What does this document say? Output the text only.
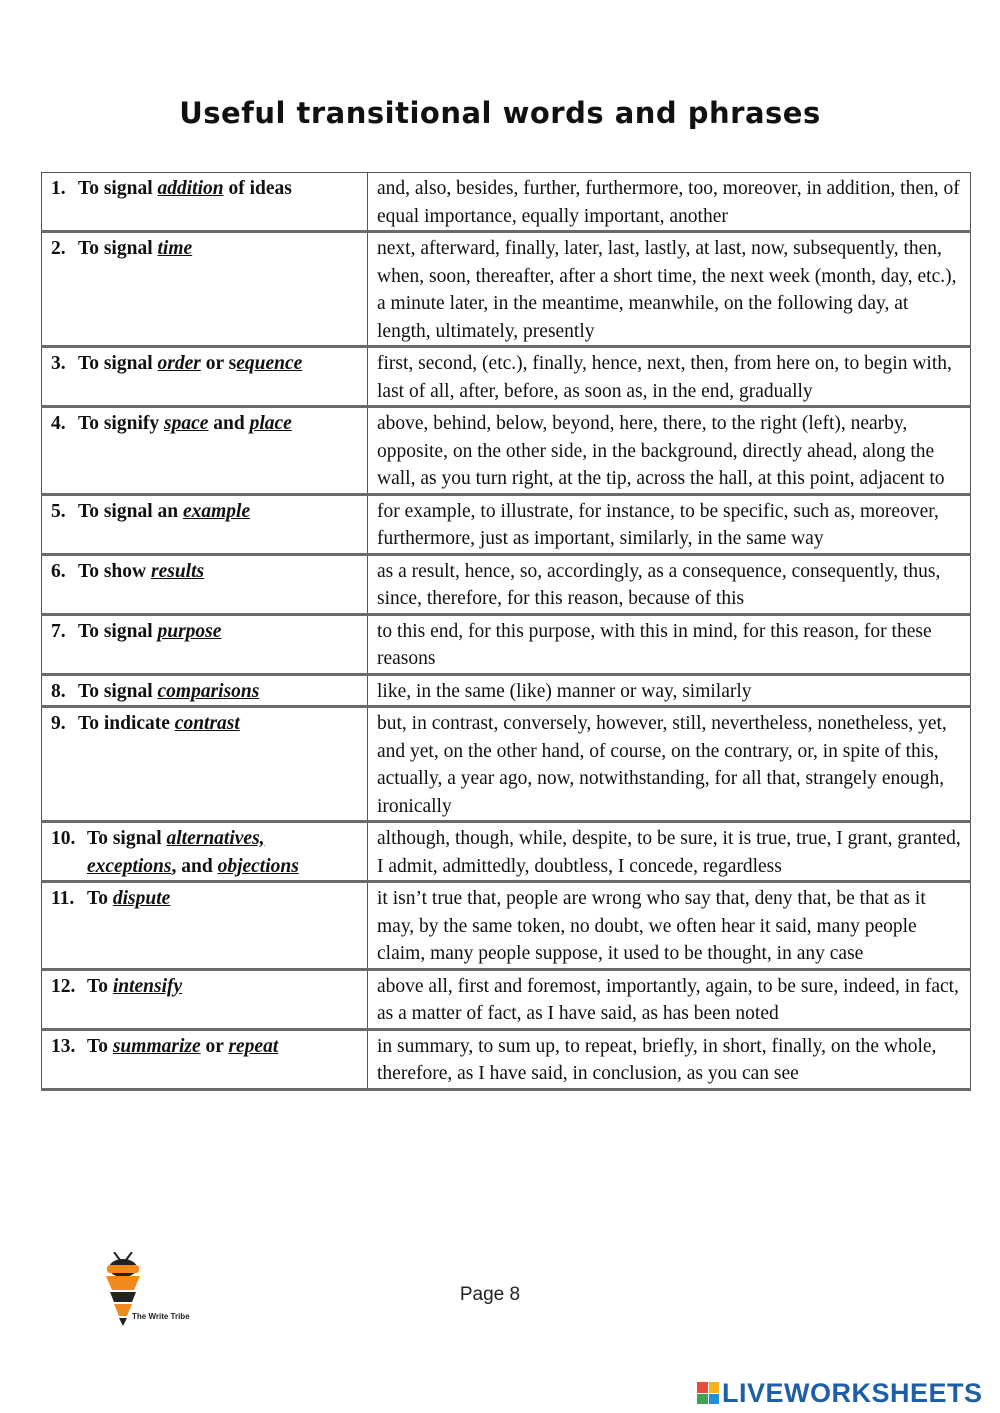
Useful transitional words and phrases
1. To signal addition of ideas	and, also, besides, further, furthermore, too, moreover, in addition, then, of equal importance, equally important, another

2. To signal time	next, afterward, finally, later, last, lastly, at last, now, subsequently, then, when, soon, thereafter, after a short time, the next week (month, day, etc.), a minute later, in the meantime, meanwhile, on the following day, at length, ultimately, presently

3. To signal order or sequence	first, second, (etc.), finally, hence, next, then, from here on, to begin with, last of all, after, before, as soon as, in the end, gradually

4. To signify space and place	above, behind, below, beyond, here, there, to the right (left), nearby, opposite, on the other side, in the background, directly ahead, along the wall, as you turn right, at the tip, across the hall, at this point, adjacent to

5. To signal an example	for example, to illustrate, for instance, to be specific, such as, moreover, furthermore, just as important, similarly, in the same way

6. To show results	as a result, hence, so, accordingly, as a consequence, consequently, thus, since, therefore, for this reason, because of this

7. To signal purpose	to this end, for this purpose, with this in mind, for this reason, for these reasons

8. To signal comparisons	like, in the same (like) manner or way, similarly

9. To indicate contrast	but, in contrast, conversely, however, still, nevertheless, nonetheless, yet, and yet, on the other hand, of course, on the contrary, or, in spite of this, actually, a year ago, now, notwithstanding, for all that, strangely enough, ironically

10. To signal alternatives,
exceptions, and objections	although, though, while, despite, to be sure, it is true, true, I grant, granted, I admit, admittedly, doubtless, I concede, regardless

11. To dispute	it isn’t true that, people are wrong who say that, deny that, be that as it may, by the same token, no doubt, we often hear it said, many people claim, many people suppose, it used to be thought, in any case

12. To intensify	above all, first and foremost, importantly, again, to be sure, indeed, in fact, as a matter of fact, as I have said, as has been noted

13. To summarize or repeat	in summary, to sum up, to repeat, briefly, in short, finally, on the whole, therefore, as I have said, in conclusion, as you can see

The Write Tribe
Page 8
LIVEWORKSHEETS
